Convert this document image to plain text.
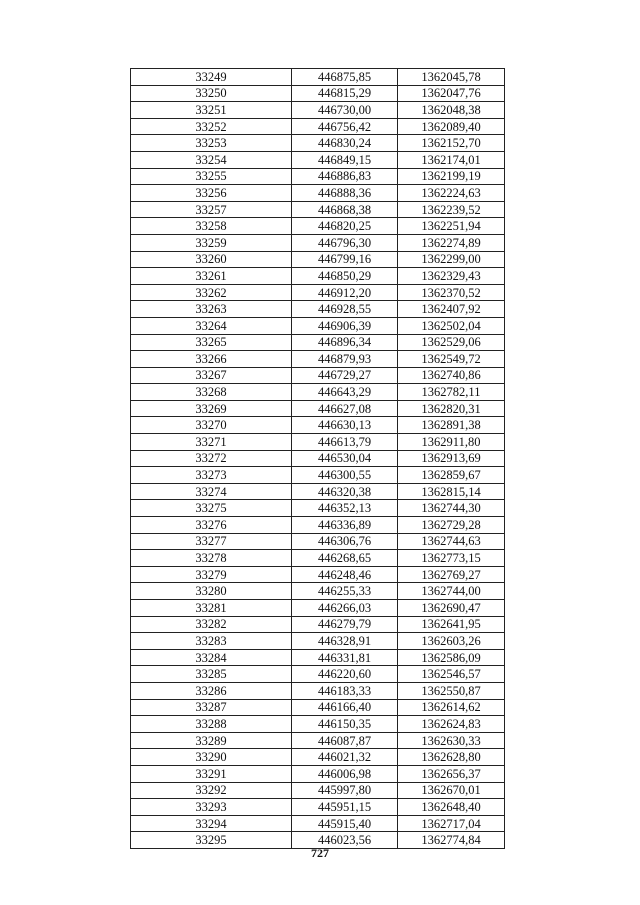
33249	446875,85	1362045,78
33250	446815,29	1362047,76
33251	446730,00	1362048,38
33252	446756,42	1362089,40
33253	446830,24	1362152,70
33254	446849,15	1362174,01
33255	446886,83	1362199,19
33256	446888,36	1362224,63
33257	446868,38	1362239,52
33258	446820,25	1362251,94
33259	446796,30	1362274,89
33260	446799,16	1362299,00
33261	446850,29	1362329,43
33262	446912,20	1362370,52
33263	446928,55	1362407,92
33264	446906,39	1362502,04
33265	446896,34	1362529,06
33266	446879,93	1362549,72
33267	446729,27	1362740,86
33268	446643,29	1362782,11
33269	446627,08	1362820,31
33270	446630,13	1362891,38
33271	446613,79	1362911,80
33272	446530,04	1362913,69
33273	446300,55	1362859,67
33274	446320,38	1362815,14
33275	446352,13	1362744,30
33276	446336,89	1362729,28
33277	446306,76	1362744,63
33278	446268,65	1362773,15
33279	446248,46	1362769,27
33280	446255,33	1362744,00
33281	446266,03	1362690,47
33282	446279,79	1362641,95
33283	446328,91	1362603,26
33284	446331,81	1362586,09
33285	446220,60	1362546,57
33286	446183,33	1362550,87
33287	446166,40	1362614,62
33288	446150,35	1362624,83
33289	446087,87	1362630,33
33290	446021,32	1362628,80
33291	446006,98	1362656,37
33292	445997,80	1362670,01
33293	445951,15	1362648,40
33294	445915,40	1362717,04
33295	446023,56	1362774,84
727
